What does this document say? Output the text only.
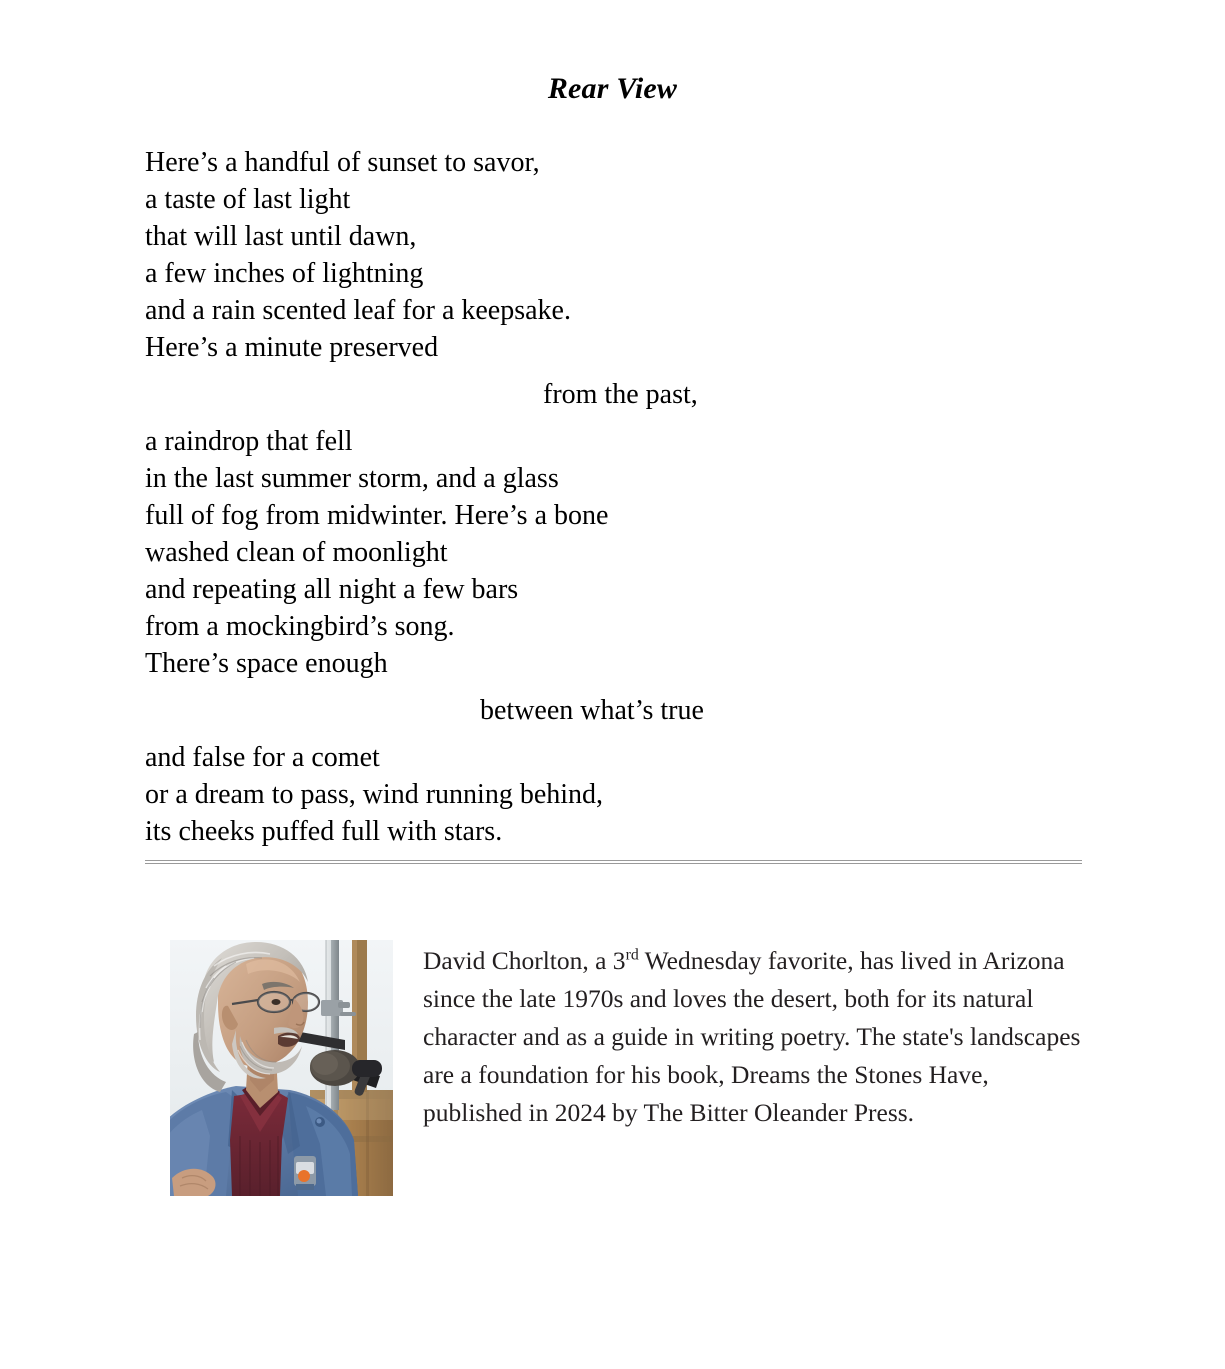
Rear View
Here’s a handful of sunset to savor,
a taste of last light
that will last until dawn,
a few inches of lightning
and a rain scented leaf for a keepsake.
Here’s a minute preserved
from the past,
a raindrop that fell
in the last summer storm, and a glass
full of fog from midwinter. Here’s a bone
washed clean of moonlight
and repeating all night a few bars
from a mockingbird’s song.
There’s space enough
between what’s true
and false for a comet
or a dream to pass, wind running behind,
its cheeks puffed full with stars.
David Chorlton, a 3rd Wednesday favorite, has lived in Arizona since the late 1970s and loves the desert, both for its natural character and as a guide in writing poetry. The state's landscapes are a foundation for his book, Dreams the Stones Have, published in 2024 by The Bitter Oleander Press.
